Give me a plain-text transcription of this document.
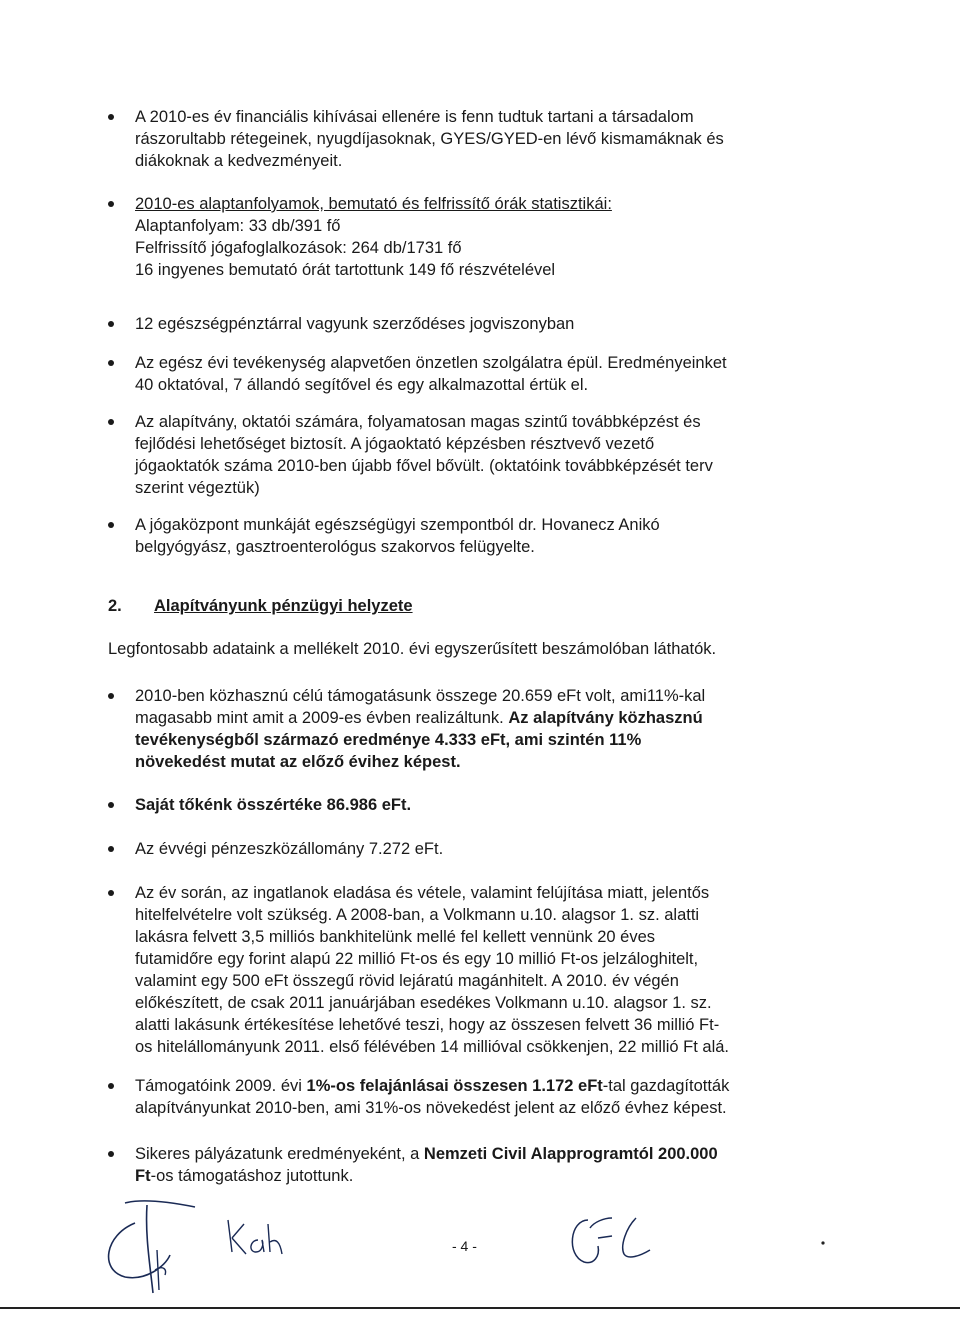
A 2010-es év financiális kihívásai ellenére is fenn tudtuk tartani a társadalom
rászorultabb rétegeinek, nyugdíjasoknak, GYES/GYED-en lévő kismamáknak és
diákoknak a kedvezményeit.
2010-es alaptanfolyamok, bemutató és felfrissítő órák statisztikái:
Alaptanfolyam: 33 db/391 fő
Felfrissítő jógafoglalkozások: 264 db/1731 fő
16 ingyenes bemutató órát tartottunk 149 fő részvételével
12 egészségpénztárral vagyunk szerződéses jogviszonyban
Az egész évi tevékenység alapvetően önzetlen szolgálatra épül. Eredményeinket
40 oktatóval, 7 állandó segítővel és egy alkalmazottal értük el.
Az alapítvány, oktatói számára, folyamatosan magas szintű továbbképzést és
fejlődési lehetőséget biztosít. A jógaoktató képzésben résztvevő vezető
jógaoktatók száma 2010-ben újabb fővel bővült. (oktatóink továbbképzését terv
szerint végeztük)
A jógaközpont munkáját egészségügyi szempontból dr. Hovanecz Anikó
belgyógyász, gasztroenterológus szakorvos felügyelte.
2. Alapítványunk pénzügyi helyzete
Legfontosabb adataink a mellékelt 2010. évi egyszerűsített beszámolóban láthatók.
2010-ben közhasznú célú támogatásunk összege 20.659 eFt volt, ami11%-kal
magasabb mint amit a 2009-es évben realizáltunk. Az alapítvány közhasznú
tevékenységből származó eredménye 4.333 eFt, ami szintén 11%
növekedést mutat az előző évihez képest.
Saját tőkénk összértéke 86.986 eFt.
Az évvégi pénzeszközállomány 7.272 eFt.
Az év során, az ingatlanok eladása és vétele, valamint felújítása miatt, jelentős
hitelfelvételre volt szükség. A 2008-ban, a Volkmann u.10. alagsor 1. sz. alatti
lakásra felvett 3,5 milliós bankhitelünk mellé fel kellett vennünk 20 éves
futamidőre egy forint alapú 22 millió Ft-os és egy 10 millió Ft-os jelzáloghitelt,
valamint egy 500 eFt összegű rövid lejáratú magánhitelt. A 2010. év végén
előkészített, de csak 2011 januárjában esedékes Volkmann u.10. alagsor 1. sz.
alatti lakásunk értékesítése lehetővé teszi, hogy az összesen felvett 36 millió Ft-
os hitelállományunk 2011. első félévében 14 millióval csökkenjen, 22 millió Ft alá.
Támogatóink 2009. évi 1%-os felajánlásai összesen 1.172 eFt-tal gazdagították
alapítványunkat 2010-ben, ami 31%-os növekedést jelent az előző évhez képest.
Sikeres pályázatunk eredményeként, a Nemzeti Civil Alapprogramtól 200.000
Ft-os támogatáshoz jutottunk.
- 4 -
